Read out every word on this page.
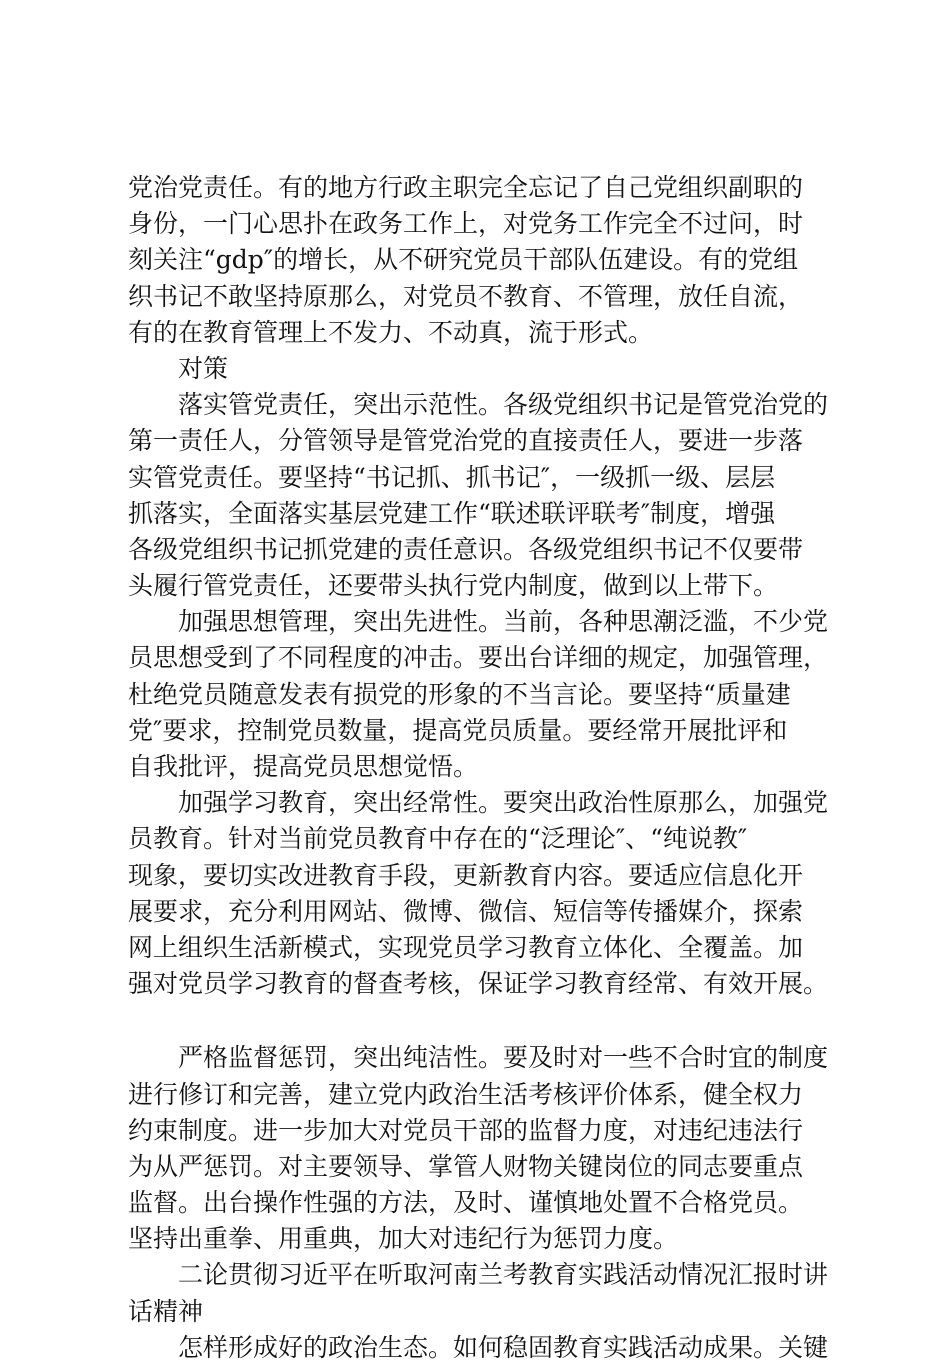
党治党责任。有的地方行政主职完全忘记了自己党组织副职的
身份，一门心思扑在政务工作上，对党务工作完全不过问，时
刻关注“gdp″的增长，从不研究党员干部队伍建设。有的党组
织书记不敢坚持原那么，对党员不教育、不管理，放任自流，
有的在教育管理上不发力、不动真，流于形式。
对策
落实管党责任，突出示范性。各级党组织书记是管党治党的
第一责任人，分管领导是管党治党的直接责任人，要进一步落
实管党责任。要坚持“书记抓、抓书记″，一级抓一级、层层
抓落实，全面落实基层党建工作“联述联评联考″制度，增强
各级党组织书记抓党建的责任意识。各级党组织书记不仅要带
头履行管党责任，还要带头执行党内制度，做到以上带下。
加强思想管理，突出先进性。当前，各种思潮泛滥，不少党
员思想受到了不同程度的冲击。要出台详细的规定，加强管理，
杜绝党员随意发表有损党的形象的不当言论。要坚持“质量建
党″要求，控制党员数量，提高党员质量。要经常开展批评和
自我批评，提高党员思想觉悟。
加强学习教育，突出经常性。要突出政治性原那么，加强党
员教育。针对当前党员教育中存在的“泛理论″、“纯说教″
现象，要切实改进教育手段，更新教育内容。要适应信息化开
展要求，充分利用网站、微博、微信、短信等传播媒介，探索
网上组织生活新模式，实现党员学习教育立体化、全覆盖。加
强对党员学习教育的督查考核，保证学习教育经常、有效开展。
严格监督惩罚，突出纯洁性。要及时对一些不合时宜的制度
进行修订和完善，建立党内政治生活考核评价体系，健全权力
约束制度。进一步加大对党员干部的监督力度，对违纪违法行
为从严惩罚。对主要领导、掌管人财物关键岗位的同志要重点
监督。出台操作性强的方法，及时、谨慎地处置不合格党员。
坚持出重拳、用重典，加大对违纪行为惩罚力度。
二论贯彻习近平在听取河南兰考教育实践活动情况汇报时讲
话精神
怎样形成好的政治生态。如何稳固教育实践活动成果。关键
